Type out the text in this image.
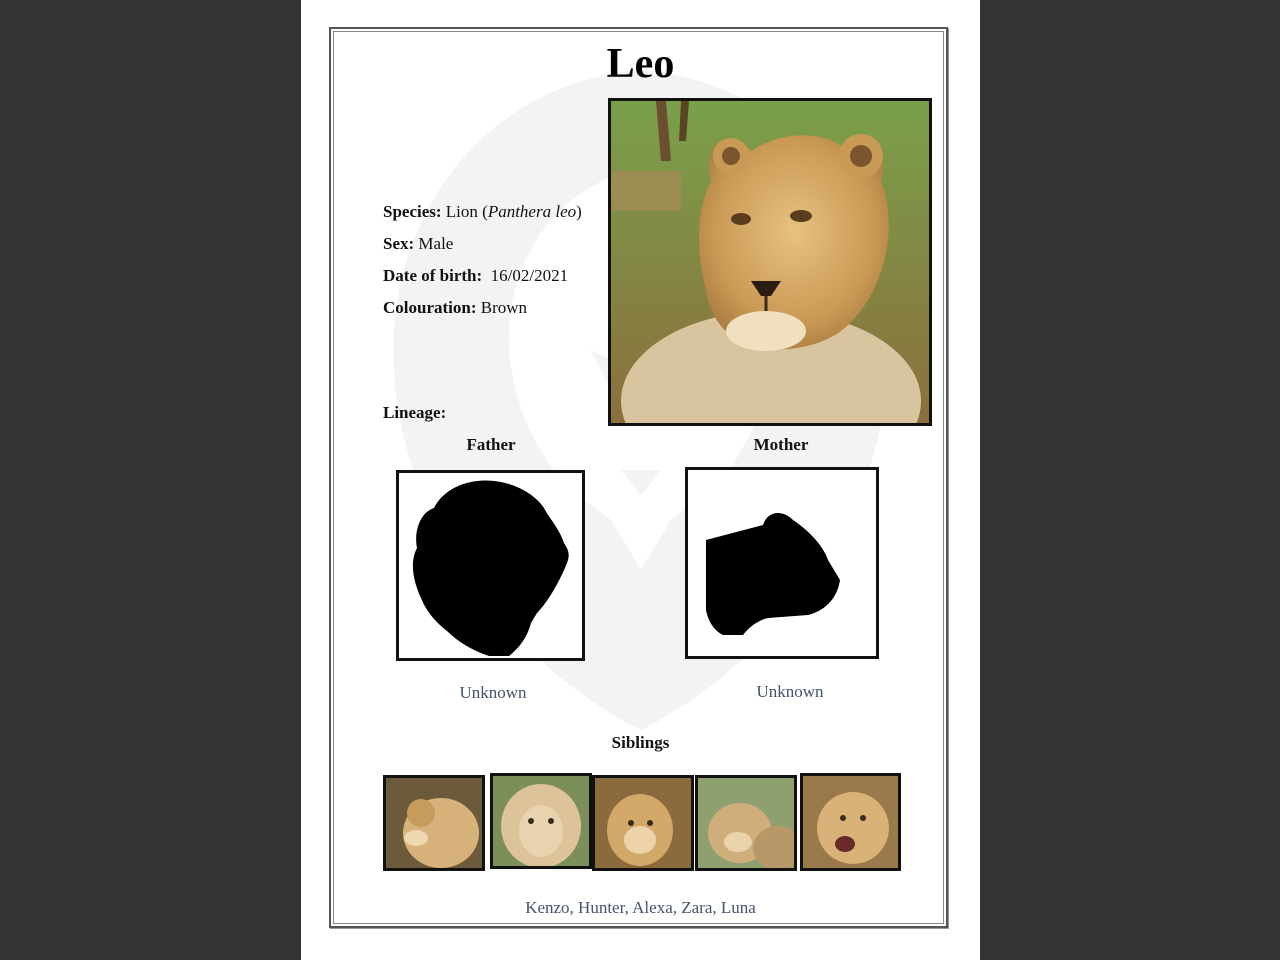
Leo
Species: Lion (Panthera leo)
Sex: Male
Date of birth: 16/02/2021
Colouration: Brown
Lineage:
Father	Mother
Unknown	Unknown
Siblings
Kenzo, Hunter, Alexa, Zara, Luna
